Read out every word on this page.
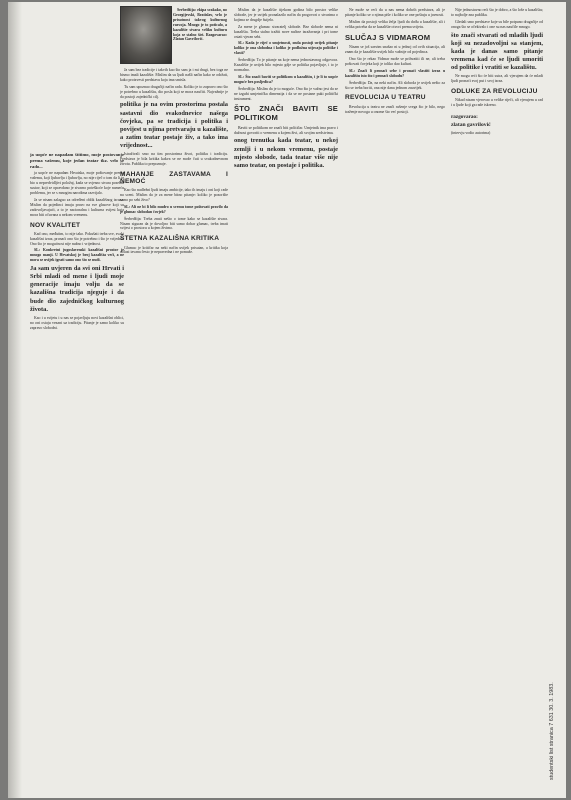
ja uopće ne napadam štitimo, moje postovanje prema vašemu, koje jedan teatar tkz. vrlo se rado...

ja uopće ne napadam Hrvatska, moje poštovanje prema vašemu, koji ljubavlju i ljubavlju, no nije riječ o tom da li je bio u nepredvidljivi položaj, kada se svjesno stvara posebni sustav, koji se opravdano je stvarno poteškoće koje nameću problemu, jer se s mnogim narodima razvijalo.

Ja se nisam zalagao za određeni oblik kazališnog izraza. Mislim da pojedinci imaju pravo na sve glasove koji su zadovoljavajući, a to je nacionalna i kulturna svijest koja mora biti očuvana u nekom vremenu.

NOV KVALITET

Kad ono, međutim, to nije tako. Pokušati treba sve, svaki kazališni izraz, pronaći ono što je potrebno i što je vrijedno. Ono što je mogućnost nije nužno i vrijednost.

SL: Konkretni jugoslavenski kazališni prostor je mnogo manji. U Hrvatskoj je broj kazališta veći, a ne mora se uvijek igrati samo ono što se nudi.

Ja sam uvjeren da svi oni Hrvati i Srbi mladi od mene i ljudi moje generacije imaju volju da se kazališna tradicija njeguje i da bude dio zajedničkog kulturnog života.

Kao i u svijetu i u nas se pojavljuju novi kazališni oblici, no oni ostaju vezani uz tradiciju. Pitanje je samo koliko su zapravo slobodni.

Šerbedžija: ekipa svakako, no Georgijevski, Bratislav, vrlo je prisutnost takvog kulturnog razvoja. Mnogo je to poticalo, a kazalište stvara veliku kulturu koja se stalno širi. Razgovarao: Zlatan Gavrilović.

Ja sam bez tradicije i takvih kao što sam ja i mi drugi, bez toga ne bismo imali kazalište. Mislim da su ljudi našli način kako se održati, kako proizvesti predstavu koja ima smisla.

Tu sam upoznao drugačiji način rada. Koliko je to zapravo ono što je potrebno u kazalištu, dio posla koji se mora naučiti. Najvažnije je da postoji zajednički cilj.

politika je na ovim prostorima postala sastavni dio svakodnevice našega čovjeka, pa se tradicija i politika i povijest u njima pretvaraju u kazalište, a zatim teatar postaje živ, a tako ima vrijednost...

Istraživali smo na tim prostorima život, politiku i tradiciju. Predstava je bila kritika kakva se ne može čuti u svakodnevnom životu. Publika to prepoznaje.

MAHANJE ZASTAVAMA I NEMOĆ

Kao što nadležni ljudi imaju ambicije, tako ih imaju i oni koji rade na sceni. Mislim da je za mene bitno pitanje: koliko je pozorište samo po sebi živo?

SL: Ali ne bi li bilo mudro u svemu tome poštovati pravilo da je glumac slobodan čovjek?

Šerbedžija: Treba znati nešto o tome kako se kazalište stvara. Nisam siguran da je dovoljno biti samo dobar glumac, treba imati svijest o prostoru u kojem živimo.

ŠTETNA KAZALIŠNA KRITIKA

Glumac je kritičar na neki način uvijek prisutan, a kritika koja dolazi izvana često je nepravedna i ne pomaže.

Mislim da je kazalište tijekom godina bilo prostor velike slobode, jer je uvijek pronalazilo način da progovori o stvarima o kojima se drugdje šutjelo.

Za mene je glumac stvaratelj slobode. Bez slobode nema ni kazališta. Treba stalno tražiti nove načine izražavanja i pri tome ostati vjeran sebi.

SL: Kada je riječ o umjetnosti, onda postoji uvijek pitanje koliko je ona slobodna i koliko je podložna utjecaju politike i vlasti?

Šerbedžija: To je pitanje na koje nema jednostavnog odgovora. Kazalište je uvijek bilo mjesto gdje se politika pojavljuje, i to je normalno.

SL: Što znači baviti se politikom u kazalištu, i je li to uopće moguće bez posljedica?

Šerbedžija: Mislim da je to moguće. Ono što je važno jest da se ne izgubi umjetnička dimenzija i da se ne postane puki politički instrument.

ŠTO ZNAČI BAVITI SE POLITIKOM

Baviti se politikom ne znači biti političar. Umjetnik ima pravo i dužnost govoriti o vremenu u kojem živi, ali svojim sredstvima.

onog trenutka kada teatar, u nekoj zemlji i u nekom vremenu, postaje mjesto slobode, tada teatar više nije samo teatar, on postaje i politika.

Ne može se reći da u nas nema dobrih predstava, ali je pitanje koliko se o njima piše i koliko se one poštuju u javnosti.

Mislim da postoji velika želja ljudi da dođu u kazalište, ali i velika potreba da se kazalište otvori prema svijetu.

SLUČAJ S VIDMAROM

Nisam se još sasvim snašao ni u jednoj od ovih situacija, ali znam da je kazalište uvijek bilo važnije od pojedinca.

Ono što je rekao Vidmar može se prihvatiti ili ne, ali treba poštovati čovjeka koji je toliko dao kulturi.

SL: Znači li pronaći sebe i pronaći vlastiti izraz u kazalištu isto što i pronaći slobodu?

Šerbedžija: Da, na neki način. Ali sloboda je uvijek nešto za što se treba boriti, ona nije dana jednom zauvijek.

REVOLUCIJA U TEATRU

Revolucija u teatru ne znači rušenje svega što je bilo, nego traženje novoga u onome što već postoji.

Nije jednostavno reći što je dobro, a što loše u kazalištu; to najbolje zna publika.

Gledali smo predstave koje su bile potpuno drugačije od onoga što se očekivalo i one su nas naučile mnogo.

što znači stvarati od mladih ljudi koji su nezadovoljni sa stanjem, kada je danas samo pitanje vremena kad će se ljudi umoriti od politike i vratiti se kazalištu.

Ne mogu reći što će biti sutra, ali vjerujem da će mladi ljudi pronaći svoj put i svoj izraz.

ODLUKE ZA REVOLUCIJU

Nikad nisam vjerovao u velike riječi, ali vjerujem u rad i u ljude koji ga rade iskreno.

razgovarao:

zlatan gavrilović

(intervju vodio autorima)

studentski list stranica 7 631 30. 3. 1983.
